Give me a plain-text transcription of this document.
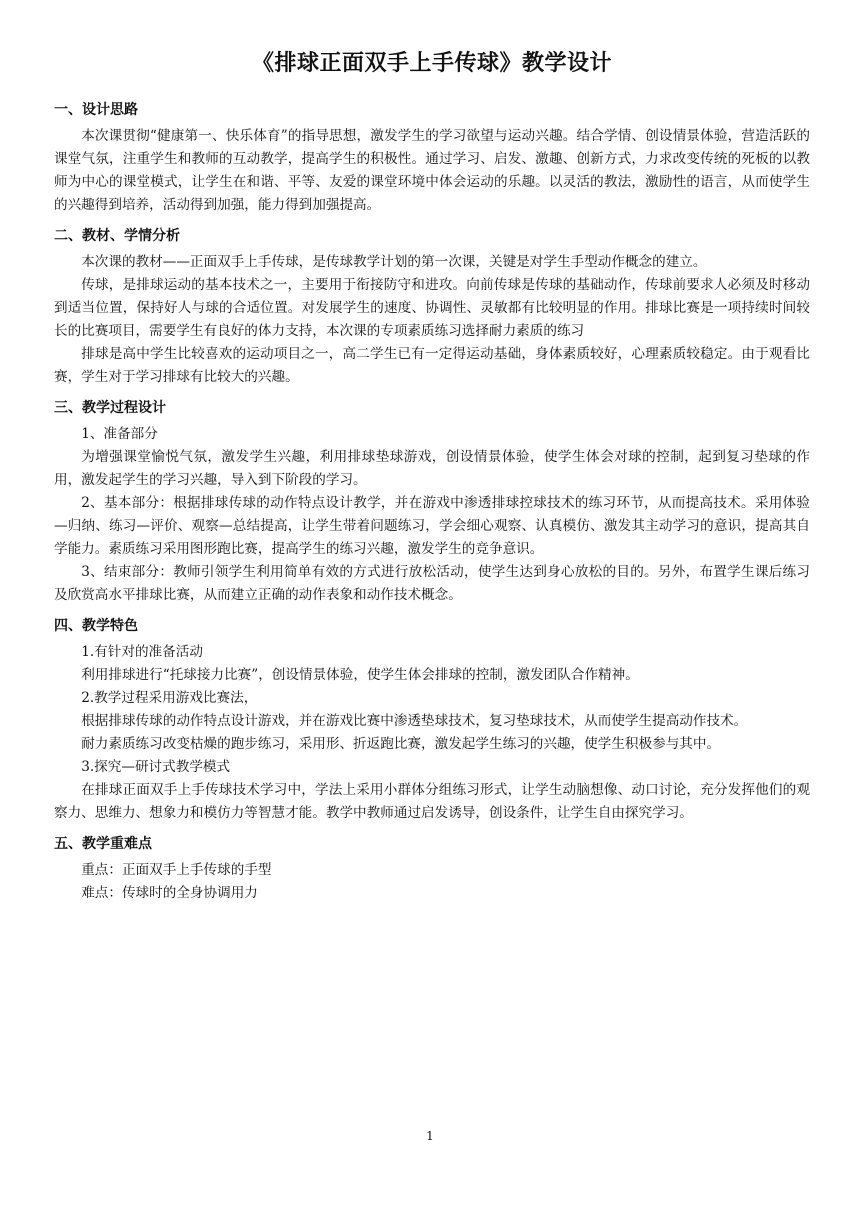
《排球正面双手上手传球》教学设计
一、设计思路

本次课贯彻“健康第一、快乐体育”的指导思想，激发学生的学习欲望与运动兴趣。结合学情、创设情景体验，营造活跃的课堂气氛，注重学生和教师的互动教学，提高学生的积极性。通过学习、启发、激趣、创新方式，力求改变传统的死板的以教师为中心的课堂模式，让学生在和谐、平等、友爱的课堂环境中体会运动的乐趣。以灵活的教法，激励性的语言，从而使学生的兴趣得到培养，活动得到加强，能力得到加强提高。

二、教材、学情分析

本次课的教材——正面双手上手传球，是传球教学计划的第一次课，关键是对学生手型动作概念的建立。

传球，是排球运动的基本技术之一，主要用于衔接防守和进攻。向前传球是传球的基础动作，传球前要求人必须及时移动到适当位置，保持好人与球的合适位置。对发展学生的速度、协调性、灵敏都有比较明显的作用。排球比赛是一项持续时间较长的比赛项目，需要学生有良好的体力支持，本次课的专项素质练习选择耐力素质的练习

排球是高中学生比较喜欢的运动项目之一，高二学生已有一定得运动基础，身体素质较好，心理素质较稳定。由于观看比赛，学生对于学习排球有比较大的兴趣。

三、教学过程设计

1、准备部分

为增强课堂愉悦气氛，激发学生兴趣，利用排球垫球游戏，创设情景体验，使学生体会对球的控制，起到复习垫球的作用，激发起学生的学习兴趣，导入到下阶段的学习。

2、基本部分：根据排球传球的动作特点设计教学，并在游戏中渗透排球控球技术的练习环节，从而提高技术。采用体验—归纳、练习—评价、观察—总结提高，让学生带着问题练习，学会细心观察、认真模仿、激发其主动学习的意识，提高其自学能力。素质练习采用图形跑比赛，提高学生的练习兴趣，激发学生的竞争意识。

3、结束部分：教师引领学生利用简单有效的方式进行放松活动，使学生达到身心放松的目的。另外，布置学生课后练习及欣赏高水平排球比赛，从而建立正确的动作表象和动作技术概念。

四、教学特色

1.有针对的准备活动

利用排球进行“托球接力比赛”，创设情景体验，使学生体会排球的控制，激发团队合作精神。

2.教学过程采用游戏比赛法，

根据排球传球的动作特点设计游戏，并在游戏比赛中渗透垫球技术，复习垫球技术，从而使学生提高动作技术。

耐力素质练习改变枯燥的跑步练习，采用形、折返跑比赛，激发起学生练习的兴趣，使学生积极参与其中。

3.探究—研讨式教学模式

在排球正面双手上手传球技术学习中，学法上采用小群体分组练习形式，让学生动脑想像、动口讨论，充分发挥他们的观察力、思维力、想象力和模仿力等智慧才能。教学中教师通过启发诱导，创设条件，让学生自由探究学习。

五、教学重难点

重点：正面双手上手传球的手型

难点：传球时的全身协调用力

1
